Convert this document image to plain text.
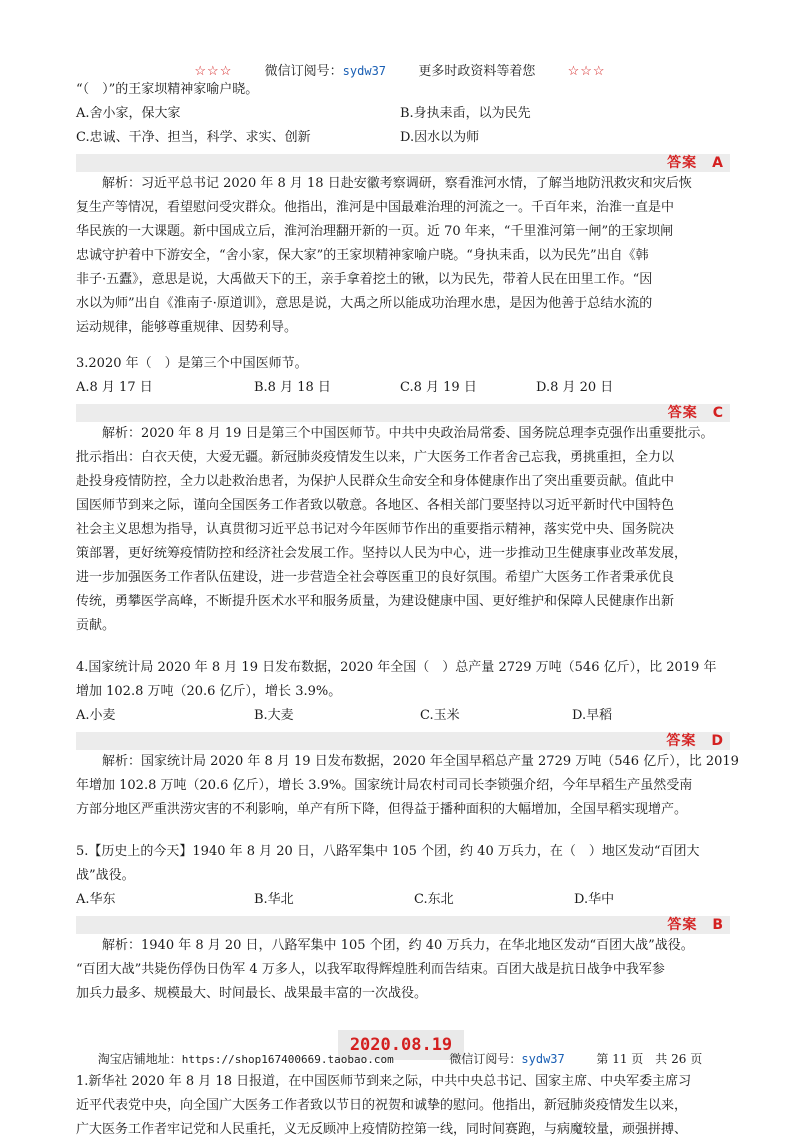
☆☆☆ 微信订阅号：sydw37 更多时政资料等着您 ☆☆☆
“（　）”的王家坝精神家喻户晓。
A.舍小家，保大家	B.身执耒臿，以为民先
C.忠诚、干净、担当，科学、求实、创新	D.因水以为师
答案　A
解析：习近平总书记 2020 年 8 月 18 日赴安徽考察调研，察看淮河水情，了解当地防汛救灾和灾后恢
复生产等情况，看望慰问受灾群众。他指出，淮河是中国最难治理的河流之一。千百年来，治淮一直是中
华民族的一大课题。新中国成立后，淮河治理翻开新的一页。近 70 年来，“千里淮河第一闸”的王家坝闸
忠诚守护着中下游安全，“舍小家，保大家”的王家坝精神家喻户晓。“身执耒臿，以为民先”出自《韩
非子·五蠹》，意思是说，大禹做天下的王，亲手拿着挖土的锹，以为民先，带着人民在田里工作。“因
水以为师”出自《淮南子·原道训》，意思是说，大禹之所以能成功治理水患，是因为他善于总结水流的
运动规律，能够尊重规律、因势利导。
3.2020 年（　）是第三个中国医师节。
A.8 月 17 日	B.8 月 18 日	C.8 月 19 日	D.8 月 20 日
答案　C
解析：2020 年 8 月 19 日是第三个中国医师节。中共中央政治局常委、国务院总理李克强作出重要批示。
批示指出：白衣天使，大爱无疆。新冠肺炎疫情发生以来，广大医务工作者舍己忘我，勇挑重担，全力以
赴投身疫情防控，全力以赴救治患者，为保护人民群众生命安全和身体健康作出了突出重要贡献。值此中
国医师节到来之际，谨向全国医务工作者致以敬意。各地区、各相关部门要坚持以习近平新时代中国特色
社会主义思想为指导，认真贯彻习近平总书记对今年医师节作出的重要指示精神，落实党中央、国务院决
策部署，更好统筹疫情防控和经济社会发展工作。坚持以人民为中心，进一步推动卫生健康事业改革发展，
进一步加强医务工作者队伍建设，进一步营造全社会尊医重卫的良好氛围。希望广大医务工作者秉承优良
传统，勇攀医学高峰，不断提升医术水平和服务质量，为建设健康中国、更好维护和保障人民健康作出新
贡献。
4.国家统计局 2020 年 8 月 19 日发布数据，2020 年全国（　）总产量 2729 万吨（546 亿斤），比 2019 年
增加 102.8 万吨（20.6 亿斤），增长 3.9%。
A.小麦	B.大麦	C.玉米	D.早稻
答案　D
解析：国家统计局 2020 年 8 月 19 日发布数据，2020 年全国早稻总产量 2729 万吨（546 亿斤），比 2019
年增加 102.8 万吨（20.6 亿斤），增长 3.9%。国家统计局农村司司长李锁强介绍，今年早稻生产虽然受南
方部分地区严重洪涝灾害的不利影响，单产有所下降，但得益于播种面积的大幅增加，全国早稻实现增产。
5.【历史上的今天】1940 年 8 月 20 日，八路军集中 105 个团，约 40 万兵力，在（　）地区发动“百团大
战”战役。
A.华东	B.华北	C.东北	D.华中
答案　B
解析：1940 年 8 月 20 日，八路军集中 105 个团，约 40 万兵力，在华北地区发动“百团大战”战役。
“百团大战”共毙伤俘伪日伪军 4 万多人，以我军取得辉煌胜利而告结束。百团大战是抗日战争中我军参
加兵力最多、规模最大、时间最长、战果最丰富的一次战役。
2020.08.19
1.新华社 2020 年 8 月 18 日报道，在中国医师节到来之际，中共中央总书记、国家主席、中央军委主席习
近平代表党中央，向全国广大医务工作者致以节日的祝贺和诚挚的慰问。他指出，新冠肺炎疫情发生以来，
广大医务工作者牢记党和人民重托，义无反顾冲上疫情防控第一线，同时间赛跑，与病魔较量，顽强拼搏、
淘宝店铺地址：https://shop167400669.taobao.com	微信订阅号：sydw37	第 11 页　共 26 页
